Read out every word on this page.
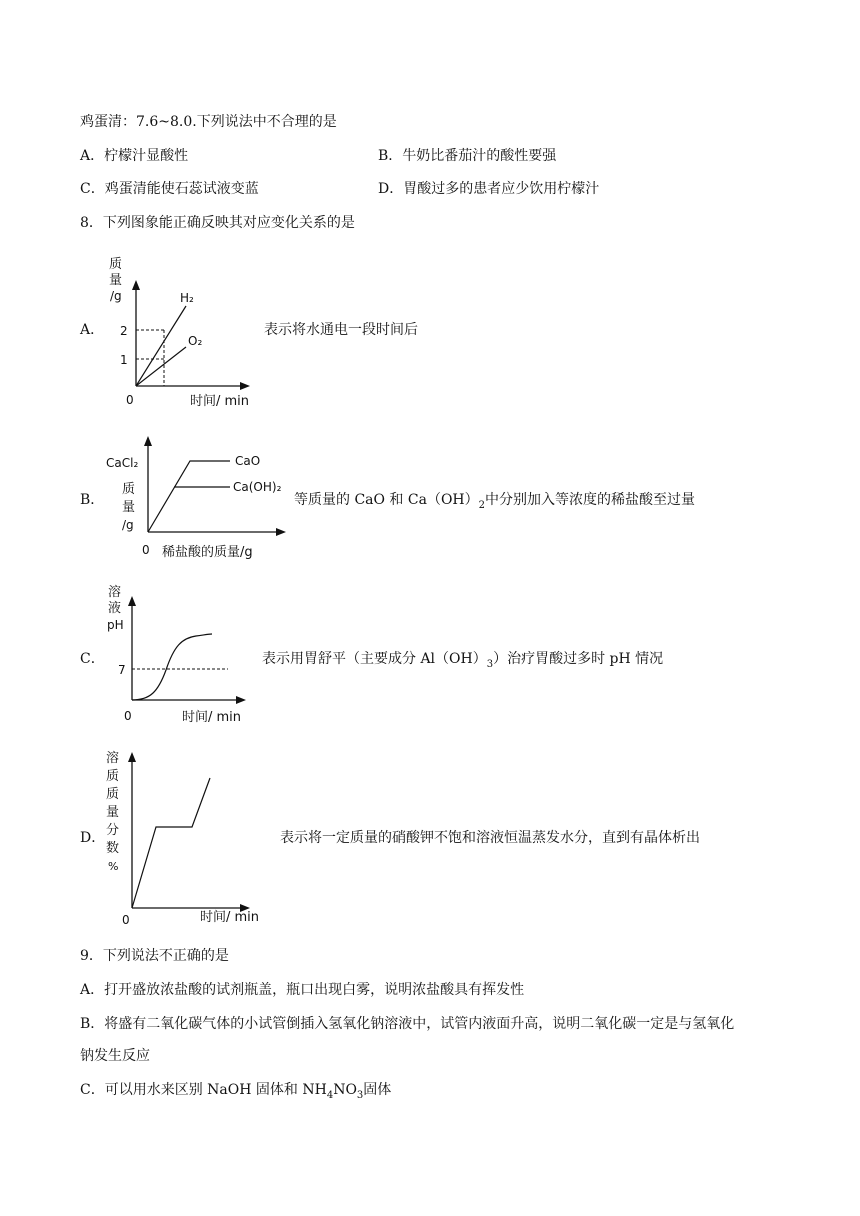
鸡蛋清：7.6~8.0.下列说法中不合理的是
A．柠檬汁显酸性	B．牛奶比番茄汁的酸性要强
C．鸡蛋清能使石蕊试液变蓝	D．胃酸过多的患者应少饮用柠檬汁
8．下列图象能正确反映其对应变化关系的是
A．
质
量
/g
2
1
H₂
O₂
0	时间/ min
表示将水通电一段时间后
B．
CaCl₂
质
量
/g
CaO
Ca(OH)₂
0 稀盐酸的质量/g
等质量的 CaO 和 $Ca(OH)_2$中分别加入等浓度的稀盐酸至过量
C．
溶
液
pH
7
0	时间/ min
表示用胃舒平（主要成分 $Al(OH)_3$）治疗胃酸过多时 pH 情况
D．
溶
质
质
量
分
数
%
0	时间/ min
表示将一定质量的硝酸钾不饱和溶液恒温蒸发水分，直到有晶体析出
9．下列说法不正确的是
A．打开盛放浓盐酸的试剂瓶盖，瓶口出现白雾，说明浓盐酸具有挥发性
B．将盛有二氧化碳气体的小试管倒插入氢氧化钠溶液中，试管内液面升高，说明二氧化碳一定是与氢氧化
钠发生反应
C．可以用水来区别 NaOH 固体和 $NH_4NO_3$固体
